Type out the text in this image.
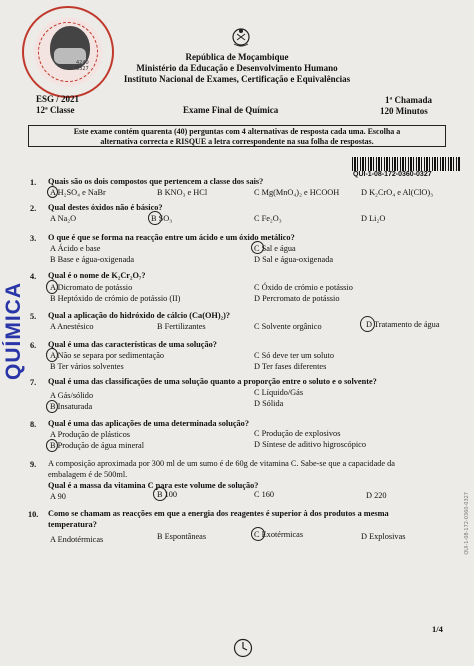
4240
0327
República de Moçambique
Ministério da Educação e Desenvolvimento Humano
Instituto Nacional de Exames, Certificação e Equivalências
ESG / 2021
12ª Classe	Exame Final de Química
1ª Chamada
120 Minutos
Este exame contém quarenta (40) perguntas com 4 alternativas de resposta cada uma. Escolha a
alternativa correcta e RISQUE a letra correspondente na sua folha de respostas.
QUI-1-08-172-0360-0327
QUÍMICA
1. Quais são os dois compostos que pertencem a classe dos sais?
A H₂SO₄ e NaBr	B KNO₃ e HCl	C Mg(MnO₄)₂ e HCOOH	D K₂CrO₄ e Al(ClO)₃
2. Qual destes óxidos não é básico?
A Na₂O	B SO₃	C Fe₂O₃	D Li₂O
3. O que é que se forma na reacção entre um ácido e um óxido metálico?
A Ácido e base
B Base e água-oxigenada
C Sal e água
D Sal e água-oxigenada
4. Qual é o nome de K₂Cr₂O₇?
A Dicromato de potássio
B Heptóxido de crómio de potássio (II)
C Óxido de crómio e potássio
D Percromato de potássio
5. Qual a aplicação do hidróxido de cálcio (Ca(OH)₂)?
A Anestésico	B Fertilizantes	C Solvente orgânico	D Tratamento de água
6. Qual é uma das características de uma solução?
A Não se separa por sedimentação
B Ter vários solventes
C Só deve ter um soluto
D Ter fases diferentes
7. Qual é uma das classificações de uma solução quanto a proporção entre o soluto e o solvente?
A Gás/sólido
B Insaturada
C Líquido/Gás
D Sólida
8. Qual é uma das aplicações de uma determinada solução?
A Produção de plásticos
B Produção de água mineral
C Produção de explosivos
D Síntese de aditivo higroscópico
9. A composição aproximada por 300 ml de um sumo é de 60g de vitamina C. Sabe-se que a capacidade da
embalagem é de 500ml.
Qual é a massa da vitamina C para este volume de solução?
A 90	B 100	C 160	D 220
10. Como se chamam as reacções em que a energia dos reagentes é superior à dos produtos a mesma
temperatura?
A Endotérmicas	B Espontâneas	C Exotérmicas	D Explosivas
1/4
QUI-1-08-172-0360-0327
